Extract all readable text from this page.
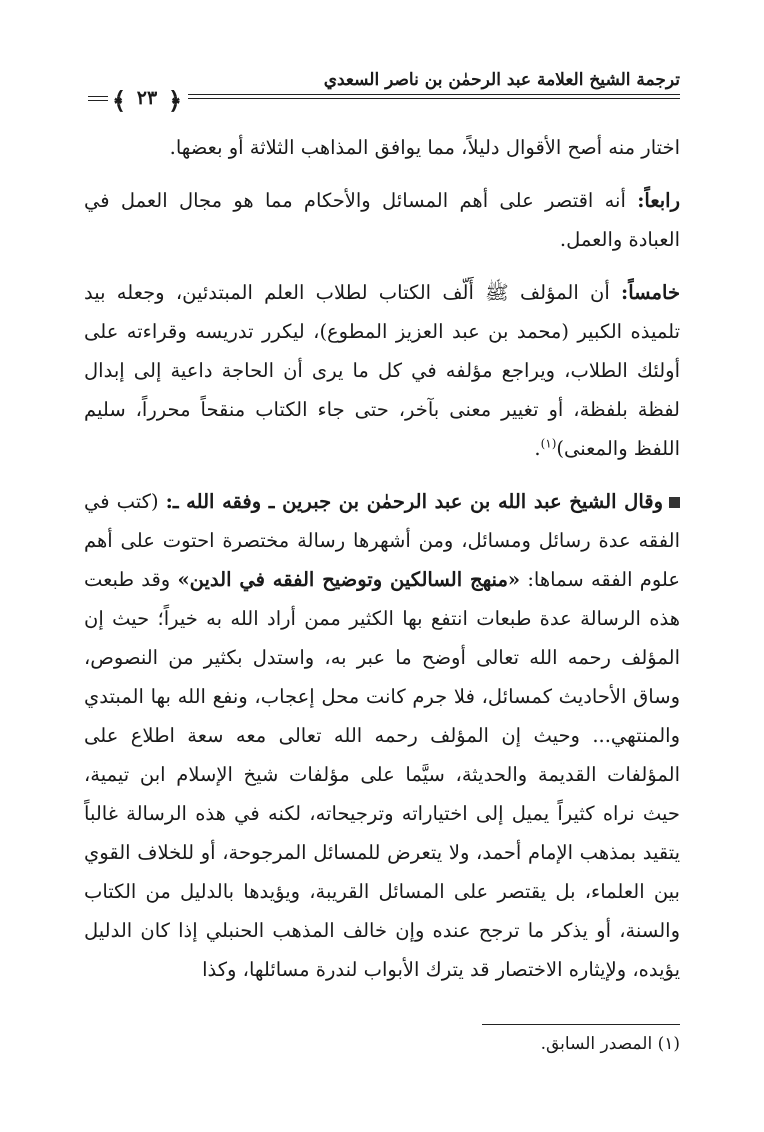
ترجمة الشيخ العلامة عبد الرحمٰن بن ناصر السعدي
﴾ ٢٣ ﴿

اختار منه أصح الأقوال دليلاً، مما يوافق المذاهب الثلاثة أو بعضها.

رابعاً: أنه اقتصر على أهم المسائل والأحكام مما هو مجال العمل في العبادة والعمل.

خامساً: أن المؤلف ﷺ أَلّف الكتاب لطلاب العلم المبتدئين، وجعله بيد تلميذه الكبير (محمد بن عبد العزيز المطوع)، ليكرر تدريسه وقراءته على أولئك الطلاب، ويراجع مؤلفه في كل ما يرى أن الحاجة داعية إلى إبدال لفظة بلفظة، أو تغيير معنى بآخر، حتى جاء الكتاب منقحاً محرراً، سليم اللفظ والمعنى)$^{(١)}$.

وقال الشيخ عبد الله بن عبد الرحمٰن بن جبرين ـ وفقه الله ـ: (كتب في الفقه عدة رسائل ومسائل، ومن أشهرها رسالة مختصرة احتوت على أهم علوم الفقه سماها: «منهج السالكين وتوضيح الفقه في الدين» وقد طبعت هذه الرسالة عدة طبعات انتفع بها الكثير ممن أراد الله به خيراً؛ حيث إن المؤلف رحمه الله تعالى أوضح ما عبر به، واستدل بكثير من النصوص، وساق الأحاديث كمسائل، فلا جرم كانت محل إعجاب، ونفع الله بها المبتدي والمنتهي... وحيث إن المؤلف رحمه الله تعالى معه سعة اطلاع على المؤلفات القديمة والحديثة، سيَّما على مؤلفات شيخ الإسلام ابن تيمية، حيث نراه كثيراً يميل إلى اختياراته وترجيحاته، لكنه في هذه الرسالة غالباً يتقيد بمذهب الإمام أحمد، ولا يتعرض للمسائل المرجوحة، أو للخلاف القوي بين العلماء، بل يقتصر على المسائل القريبة، ويؤيدها بالدليل من الكتاب والسنة، أو يذكر ما ترجح عنده وإن خالف المذهب الحنبلي إذا كان الدليل يؤيده، ولإيثاره الاختصار قد يترك الأبواب لندرة مسائلها، وكذا

(١) المصدر السابق.
